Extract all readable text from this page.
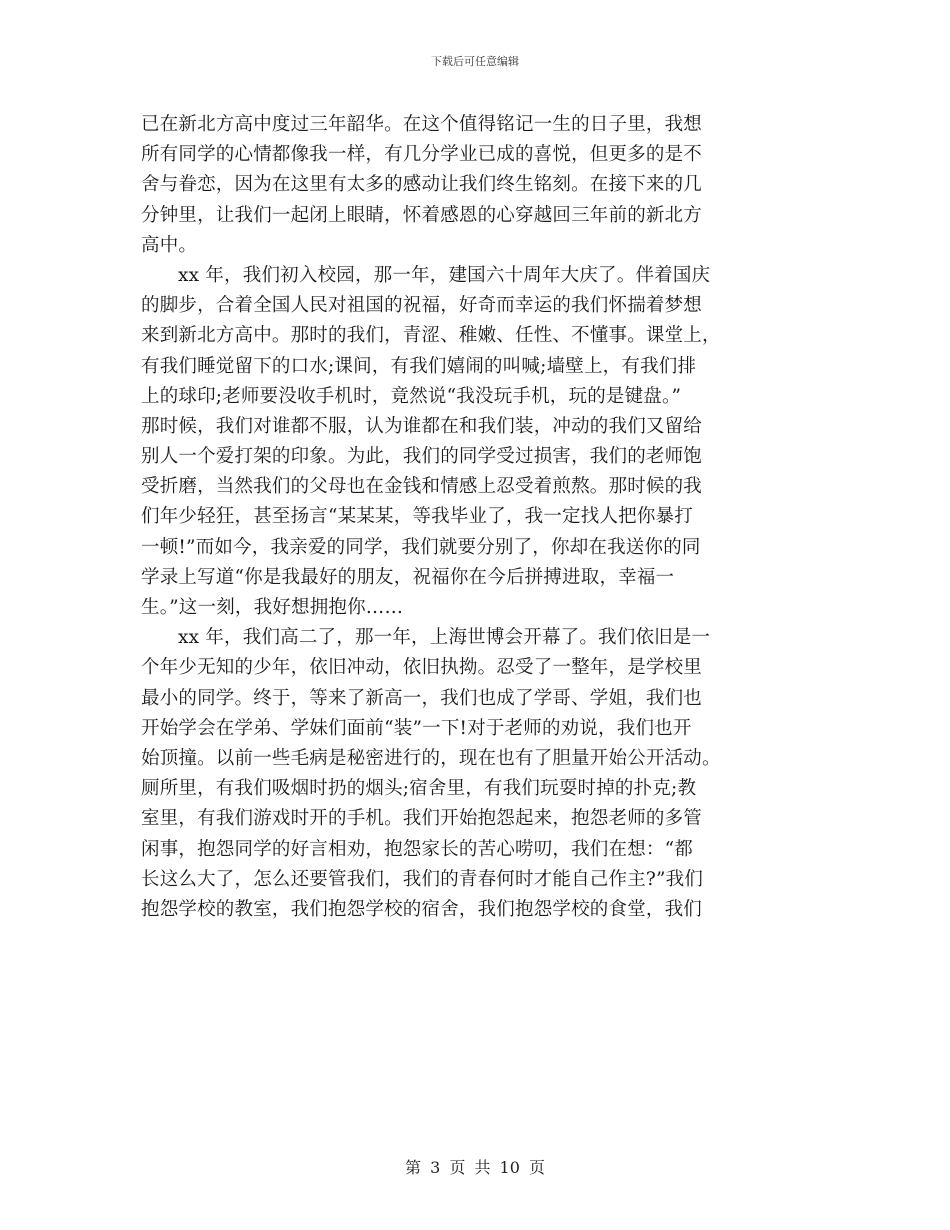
下载后可任意编辑
已在新北方高中度过三年韶华。在这个值得铭记一生的日子里，我想
所有同学的心情都像我一样，有几分学业已成的喜悦，但更多的是不
舍与眷恋，因为在这里有太多的感动让我们终生铭刻。在接下来的几
分钟里，让我们一起闭上眼睛，怀着感恩的心穿越回三年前的新北方
高中。
xx 年，我们初入校园，那一年，建国六十周年大庆了。伴着国庆
的脚步，合着全国人民对祖国的祝福，好奇而幸运的我们怀揣着梦想
来到新北方高中。那时的我们，青涩、稚嫩、任性、不懂事。课堂上，
有我们睡觉留下的口水;课间，有我们嬉闹的叫喊;墙壁上，有我们排
上的球印;老师要没收手机时，竟然说“我没玩手机，玩的是键盘。”
那时候，我们对谁都不服，认为谁都在和我们装，冲动的我们又留给
别人一个爱打架的印象。为此，我们的同学受过损害，我们的老师饱
受折磨，当然我们的父母也在金钱和情感上忍受着煎熬。那时候的我
们年少轻狂，甚至扬言“某某某，等我毕业了，我一定找人把你暴打
一顿!”而如今，我亲爱的同学，我们就要分别了，你却在我送你的同
学录上写道“你是我最好的朋友，祝福你在今后拼搏进取，幸福一
生。”这一刻，我好想拥抱你……
xx 年，我们高二了，那一年，上海世博会开幕了。我们依旧是一
个年少无知的少年，依旧冲动，依旧执拗。忍受了一整年，是学校里
最小的同学。终于，等来了新高一，我们也成了学哥、学姐，我们也
开始学会在学弟、学妹们面前“装”一下!对于老师的劝说，我们也开
始顶撞。以前一些毛病是秘密进行的，现在也有了胆量开始公开活动。
厕所里，有我们吸烟时扔的烟头;宿舍里，有我们玩耍时掉的扑克;教
室里，有我们游戏时开的手机。我们开始抱怨起来，抱怨老师的多管
闲事，抱怨同学的好言相劝，抱怨家长的苦心唠叨，我们在想：“都
长这么大了，怎么还要管我们，我们的青春何时才能自己作主?”我们
抱怨学校的教室，我们抱怨学校的宿舍，我们抱怨学校的食堂，我们
第 3 页 共 10 页
